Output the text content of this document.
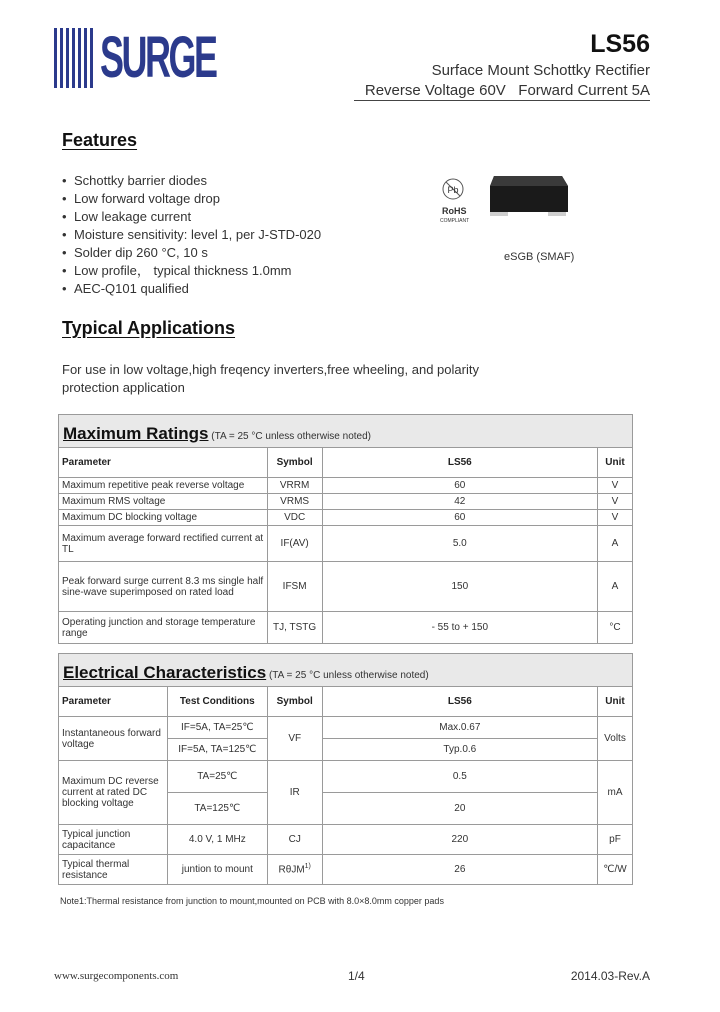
SURGE	LS56
Surface Mount Schottky Rectifier
Reverse Voltage 60V   Forward Current 5A
Features
• Schottky barrier diodes
• Low forward voltage drop
• Low leakage current
• Moisture sensitivity: level 1, per J-STD-020
• Solder dip 260 °C, 10 s
• Low profile， typical thickness 1.0mm
• AEC-Q101 qualified
Pb
RoHS
COMPLIANT
eSGB (SMAF)
Typical Applications
For use in low voltage,high freqency inverters,free wheeling, and polarity protection application
Maximum Ratings (TA = 25 °C unless otherwise noted)			
Parameter	Symbol	LS56	Unit
Maximum repetitive peak reverse voltage	VRRM	60	V
Maximum RMS voltage	VRMS	42	V
Maximum DC blocking voltage	VDC	60	V
Maximum average forward rectified current at TL	IF(AV)	5.0	A
Peak forward surge current 8.3 ms single half sine-wave superimposed on rated load	IFSM	150	A
Operating junction and storage temperature range	TJ, TSTG	- 55 to + 150	°C
Electrical Characteristics (TA = 25 °C unless otherwise noted)				
Parameter	Test Conditions	Symbol	LS56	Unit
Instantaneous forward voltage	IF=5A, TA=25℃	VF	Max.0.67	Volts
	IF=5A, TA=125℃		Typ.0.6	
Maximum DC reverse current at rated DC blocking voltage	TA=25℃	IR	0.5	mA
	TA=125℃		20	
Typical junction capacitance	4.0 V, 1 MHz	CJ	220	pF
Typical thermal resistance	juntion to mount	RθJM$^{1)}$	26	℃/W
Note1:Thermal resistance from junction to mount,mounted on PCB with 8.0×8.0mm copper pads
www.surgecomponents.com	1/4	2014.03-Rev.A
